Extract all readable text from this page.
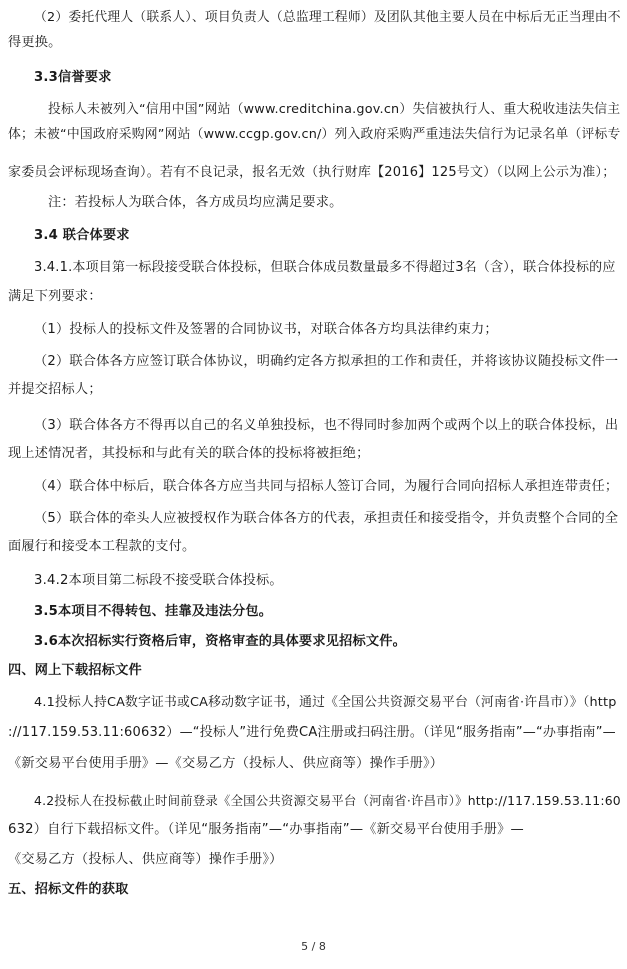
（2）委托代理人（联系人）、项目负责人（总监理工程师）及团队其他主要人员在中标后无正当理由不
得更换。
3.3信誉要求
投标人未被列入“信用中国”网站（www.creditchina.gov.cn）失信被执行人、重大税收违法失信主
体；未被“中国政府采购网”网站（www.ccgp.gov.cn/）列入政府采购严重违法失信行为记录名单（评标专
家委员会评标现场查询）。若有不良记录，报名无效（执行财库【2016】125号文）（以网上公示为准）；
注：若投标人为联合体，各方成员均应满足要求。
3.4 联合体要求
3.4.1.本项目第一标段接受联合体投标，但联合体成员数量最多不得超过3名（含），联合体投标的应
满足下列要求：
（1）投标人的投标文件及签署的合同协议书，对联合体各方均具法律约束力；
（2）联合体各方应签订联合体协议，明确约定各方拟承担的工作和责任，并将该协议随投标文件一
并提交招标人；
（3）联合体各方不得再以自己的名义单独投标，也不得同时参加两个或两个以上的联合体投标，出
现上述情况者，其投标和与此有关的联合体的投标将被拒绝；
（4）联合体中标后，联合体各方应当共同与招标人签订合同，为履行合同向招标人承担连带责任；
（5）联合体的牵头人应被授权作为联合体各方的代表，承担责任和接受指令，并负责整个合同的全
面履行和接受本工程款的支付。
3.4.2本项目第二标段不接受联合体投标。
3.5本项目不得转包、挂靠及违法分包。
3.6本次招标实行资格后审，资格审查的具体要求见招标文件。
四、网上下载招标文件
4.1投标人持CA数字证书或CA移动数字证书，通过《全国公共资源交易平台（河南省·许昌市）》（http
://117.159.53.11:60632）—“投标人”进行免费CA注册或扫码注册。（详见“服务指南”—“办事指南”—
《新交易平台使用手册》—《交易乙方（投标人、供应商等）操作手册》）
4.2投标人在投标截止时间前登录《全国公共资源交易平台（河南省·许昌市）》http://117.159.53.11:60
632）自行下载招标文件。（详见“服务指南”—“办事指南”—《新交易平台使用手册》—
《交易乙方（投标人、供应商等）操作手册》）
五、招标文件的获取
5 / 8
